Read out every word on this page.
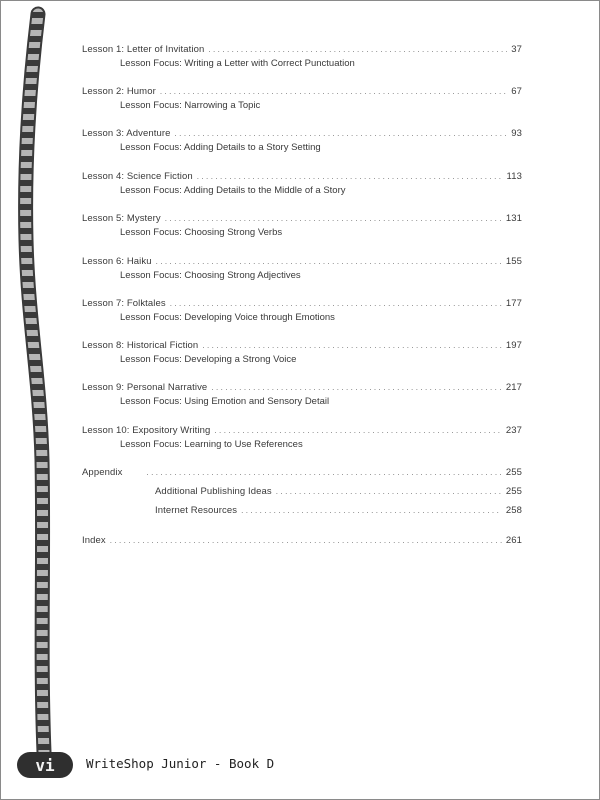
Lesson 1: Letter of Invitation . . .	37
Lesson Focus: Writing a Letter with Correct Punctuation
Lesson 2: Humor . . .	67
Lesson Focus: Narrowing a Topic
Lesson 3: Adventure . . .	93
Lesson Focus: Adding Details to a Story Setting
Lesson 4: Science Fiction . . .	113
Lesson Focus: Adding Details to the Middle of a Story
Lesson 5: Mystery . . .	131
Lesson Focus: Choosing Strong Verbs
Lesson 6: Haiku . . .	155
Lesson Focus: Choosing Strong Adjectives
Lesson 7: Folktales . . .	177
Lesson Focus: Developing Voice through Emotions
Lesson 8: Historical Fiction . . .	197
Lesson Focus: Developing a Strong Voice
Lesson 9: Personal Narrative . . .	217
Lesson Focus: Using Emotion and Sensory Detail
Lesson 10: Expository Writing . . .	237
Lesson Focus: Learning to Use References
Appendix . . .	255
Additional Publishing Ideas . . .	255
Internet Resources . . .	258
Index . . .	261
vi	WriteShop Junior - Book D
